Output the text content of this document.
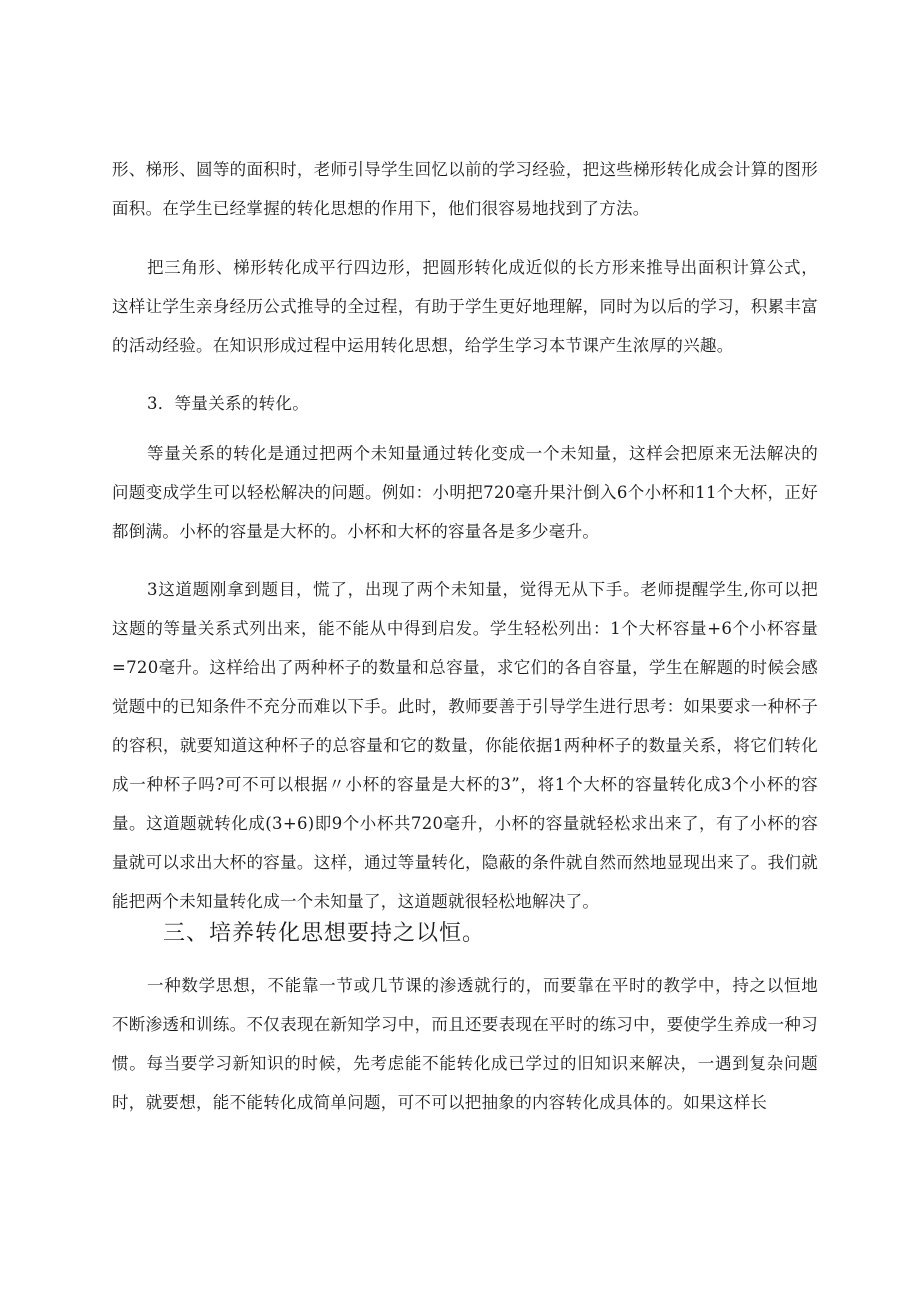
形、梯形、圆等的面积时，老师引导学生回忆以前的学习经验，把这些梯形转化成会计算的图形面积。在学生已经掌握的转化思想的作用下，他们很容易地找到了方法。

把三角形、梯形转化成平行四边形，把圆形转化成近似的长方形来推导出面积计算公式，这样让学生亲身经历公式推导的全过程，有助于学生更好地理解，同时为以后的学习，积累丰富的活动经验。在知识形成过程中运用转化思想，给学生学习本节课产生浓厚的兴趣。

3．等量关系的转化。

等量关系的转化是通过把两个未知量通过转化变成一个未知量，这样会把原来无法解决的问题变成学生可以轻松解决的问题。例如：小明把720毫升果汁倒入6个小杯和11个大杯，正好都倒满。小杯的容量是大杯的。小杯和大杯的容量各是多少毫升。

3这道题刚拿到题目，慌了，出现了两个未知量，觉得无从下手。老师提醒学生,你可以把这题的等量关系式列出来，能不能从中得到启发。学生轻松列出：1个大杯容量+6个小杯容量=720毫升。这样给出了两种杯子的数量和总容量，求它们的各自容量，学生在解题的时候会感觉题中的已知条件不充分而难以下手。此时，教师要善于引导学生进行思考：如果要求一种杯子的容积，就要知道这种杯子的总容量和它的数量，你能依据1两种杯子的数量关系，将它们转化成一种杯子吗?可不可以根据〃小杯的容量是大杯的3”，将1个大杯的容量转化成3个小杯的容量。这道题就转化成(3+6)即9个小杯共720毫升，小杯的容量就轻松求出来了，有了小杯的容量就可以求出大杯的容量。这样，通过等量转化，隐蔽的条件就自然而然地显现出来了。我们就能把两个未知量转化成一个未知量了，这道题就很轻松地解决了。

三、培养转化思想要持之以恒。

一种数学思想，不能靠一节或几节课的渗透就行的，而要靠在平时的教学中，持之以恒地不断渗透和训练。不仅表现在新知学习中，而且还要表现在平时的练习中，要使学生养成一种习惯。每当要学习新知识的时候，先考虑能不能转化成已学过的旧知识来解决，一遇到复杂问题时，就要想，能不能转化成简单问题，可不可以把抽象的内容转化成具体的。如果这样长
